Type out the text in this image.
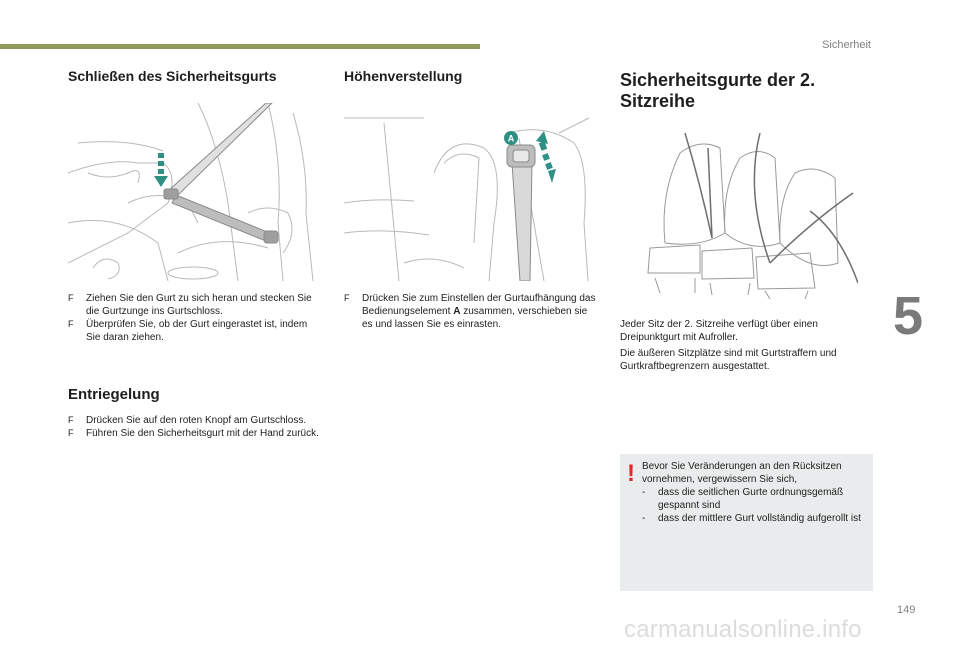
Sicherheit
5
149
carmanualsonline.info
Schließen des Sicherheitsgurts
F Ziehen Sie den Gurt zu sich heran und stecken Sie die Gurtzunge ins Gurtschloss.
F Überprüfen Sie, ob der Gurt eingerastet ist, indem Sie daran ziehen.
Entriegelung
F Drücken Sie auf den roten Knopf am Gurtschloss.
F Führen Sie den Sicherheitsgurt mit der Hand zurück.
Höhenverstellung
A
F Drücken Sie zum Einstellen der Gurtaufhängung das Bedienungselement A zusammen, verschieben sie es und lassen Sie es einrasten.
Sicherheitsgurte der 2.
Sitzreihe

Jeder Sitz der 2. Sitzreihe verfügt über einen Dreipunktgurt mit Aufroller.

Die äußeren Sitzplätze sind mit Gurtstraffern und Gurtkraftbegrenzern ausgestattet.

! Bevor Sie Veränderungen an den Rücksitzen vornehmen, vergewissern Sie sich,
- dass die seitlichen Gurte ordnungsgemäß gespannt sind
- dass der mittlere Gurt vollständig aufgerollt ist
